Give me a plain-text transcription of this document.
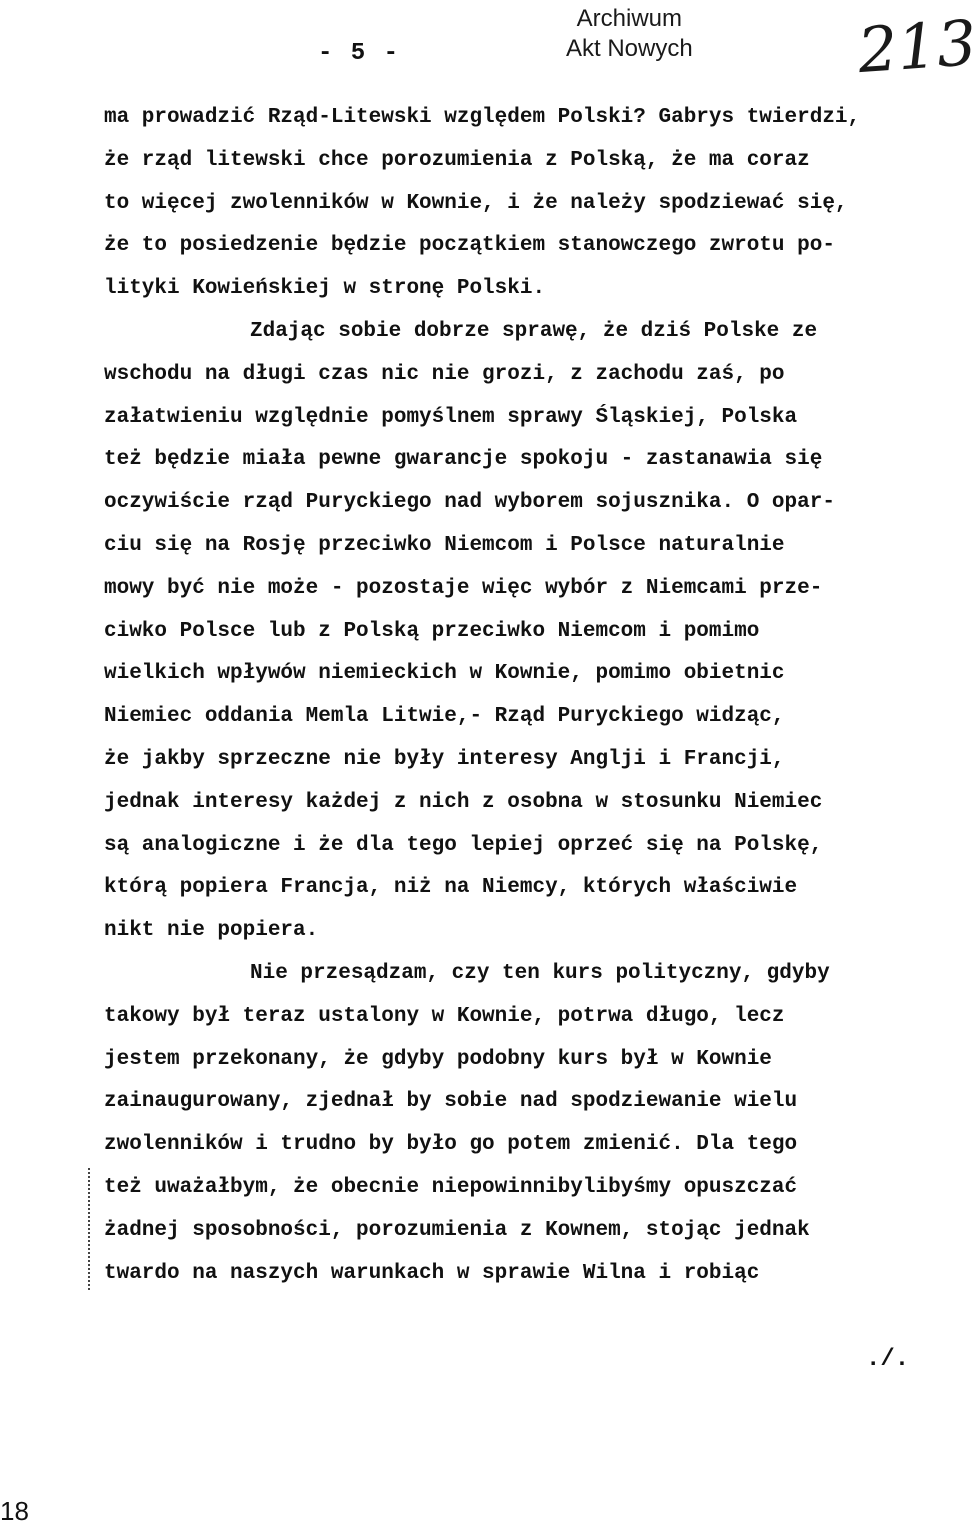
- 5 -
Archiwum
Akt Nowych	213
ma prowadzić Rząd-Litewski względem Polski? Gabrys twierdzi,
że rząd litewski chce porozumienia z Polską, że ma coraz
to więcej zwolenników w Kownie, i że należy spodziewać się,
że to posiedzenie będzie początkiem stanowczego zwrotu po-
lityki Kowieńskiej w stronę Polski.
Zdając sobie dobrze sprawę, że dziś Polske ze
wschodu na długi czas nic nie grozi, z zachodu zaś, po
załatwieniu względnie pomyślnem sprawy Śląskiej, Polska
też będzie miała pewne gwarancje spokoju - zastanawia się
oczywiście rząd Puryckiego nad wyborem sojusznika. O opar-
ciu się na Rosję przeciwko Niemcom i Polsce naturalnie
mowy być nie może - pozostaje więc wybór z Niemcami prze-
ciwko Polsce lub z Polską przeciwko Niemcom i pomimo
wielkich wpływów niemieckich w Kownie, pomimo obietnic
Niemiec oddania Memla Litwie,- Rząd Puryckiego widząc,
że jakby sprzeczne nie były interesy Anglji i Francji,
jednak interesy każdej z nich z osobna w stosunku Niemiec
są analogiczne i że dla tego lepiej oprzeć się na Polskę,
którą popiera Francja, niż na Niemcy, których właściwie
nikt nie popiera.
Nie przesądzam, czy ten kurs polityczny, gdyby
takowy był teraz ustalony w Kownie, potrwa długo, lecz
jestem przekonany, że gdyby podobny kurs był w Kownie
zainaugurowany, zjednał by sobie nad spodziewanie wielu
zwolenników i trudno by było go potem zmienić. Dla tego
też uważałbym, że obecnie niepowinnibylibyśmy opuszczać
żadnej sposobności, porozumienia z Kownem, stojąc jednak
twardo na naszych warunkach w sprawie Wilna i robiąc
./.
18
